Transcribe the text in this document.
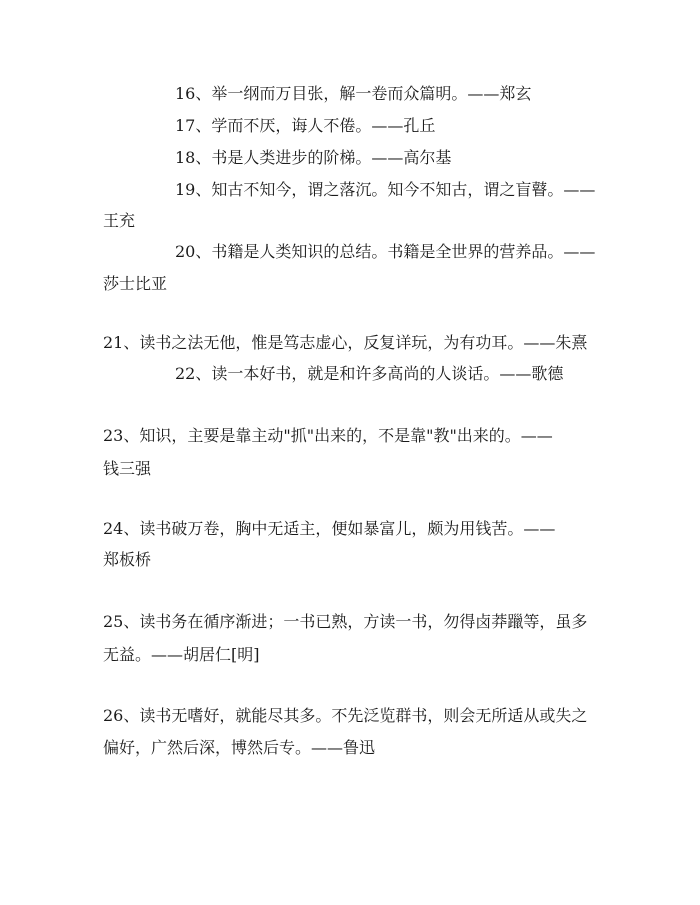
16、举一纲而万目张，解一卷而众篇明。——郑玄
17、学而不厌，诲人不倦。——孔丘
18、书是人类进步的阶梯。——高尔基
19、知古不知今，谓之落沉。知今不知古，谓之盲瞽。——
王充
20、书籍是人类知识的总结。书籍是全世界的营养品。——
莎士比亚
21、读书之法无他，惟是笃志虚心，反复详玩，为有功耳。——朱熹
22、读一本好书，就是和许多高尚的人谈话。——歌德
23、知识，主要是靠主动"抓"出来的，不是靠"教"出来的。——
钱三强
24、读书破万卷，胸中无适主，便如暴富儿，颇为用钱苦。——
郑板桥
25、读书务在循序渐进；一书已熟，方读一书，勿得卤莽躐等，虽多
无益。——胡居仁[明]
26、读书无嗜好，就能尽其多。不先泛览群书，则会无所适从或失之
偏好，广然后深，博然后专。——鲁迅
